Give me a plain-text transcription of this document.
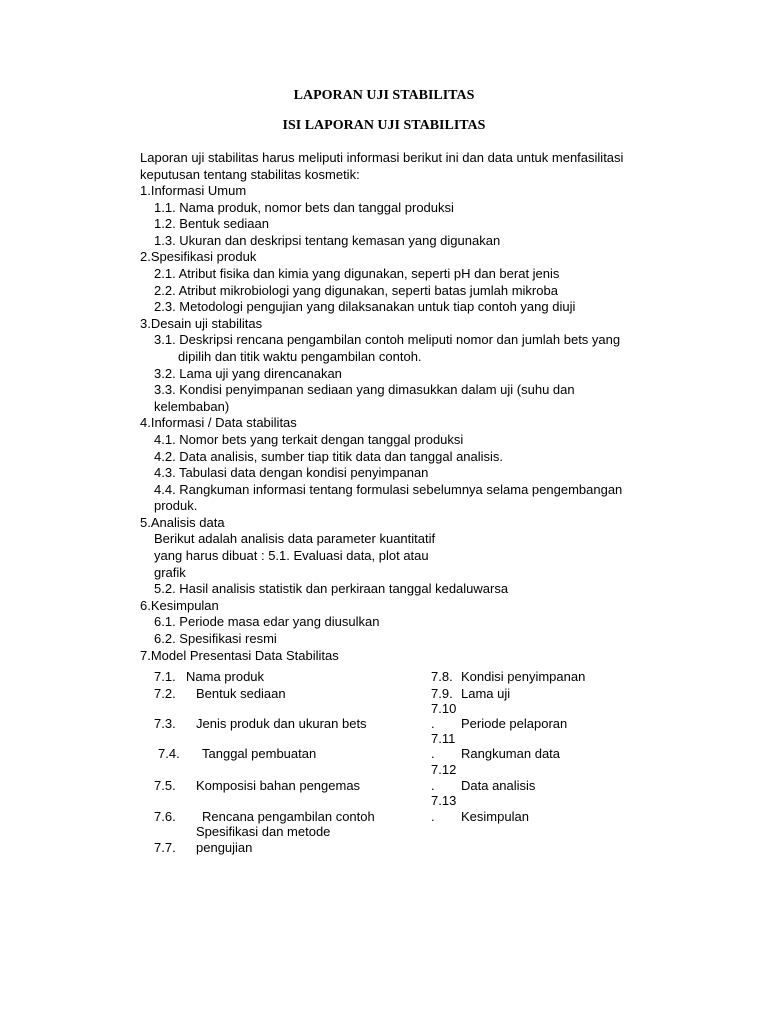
LAPORAN UJI STABILITAS
ISI LAPORAN UJI STABILITAS
Laporan uji stabilitas harus meliputi informasi berikut ini dan data untuk menfasilitasi
keputusan tentang stabilitas kosmetik:
1.Informasi Umum
1.1. Nama produk, nomor bets dan tanggal produksi
1.2. Bentuk sediaan
1.3. Ukuran dan deskripsi tentang kemasan yang digunakan
2.Spesifikasi produk
2.1. Atribut fisika dan kimia yang digunakan, seperti pH dan berat jenis
2.2. Atribut mikrobiologi yang digunakan, seperti batas jumlah mikroba
2.3. Metodologi pengujian yang dilaksanakan untuk tiap contoh yang diuji
3.Desain uji stabilitas
3.1. Deskripsi rencana pengambilan contoh meliputi nomor dan jumlah bets yang
dipilih dan titik waktu pengambilan contoh.
3.2. Lama uji yang direncanakan
3.3. Kondisi penyimpanan sediaan yang dimasukkan dalam uji (suhu dan
kelembaban)
4.Informasi / Data stabilitas
4.1. Nomor bets yang terkait dengan tanggal produksi
4.2. Data analisis, sumber tiap titik data dan tanggal analisis.
4.3. Tabulasi data dengan kondisi penyimpanan
4.4. Rangkuman informasi tentang formulasi sebelumnya selama pengembangan
produk.
5.Analisis data
Berikut adalah analisis data parameter kuantitatif
yang harus dibuat : 5.1. Evaluasi data, plot atau
grafik
5.2. Hasil analisis statistik dan perkiraan tanggal kedaluwarsa
6.Kesimpulan
6.1. Periode masa edar yang diusulkan
6.2. Spesifikasi resmi
7.Model Presentasi Data Stabilitas
7.1. Nama produk
7.2. Bentuk sediaan
7.3. Jenis produk dan ukuran bets
7.4. Tanggal pembuatan
7.5. Komposisi bahan pengemas
7.6. Rencana pengambilan contoh
Spesifikasi dan metode
7.7. pengujian
7.8. Kondisi penyimpanan
7.9. Lama uji
7.10
. Periode pelaporan
7.11
. Rangkuman data
7.12
. Data analisis
7.13
. Kesimpulan
